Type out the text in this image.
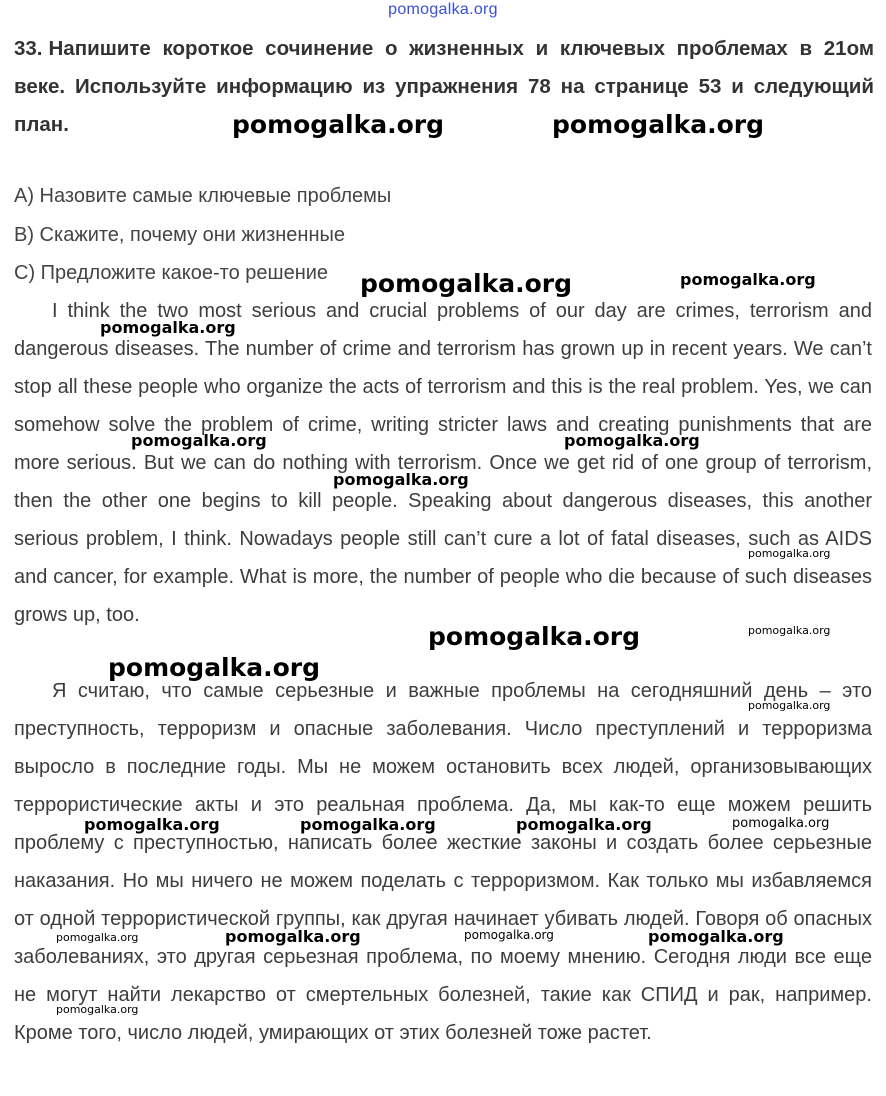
pomogalka.org
33. Напишите короткое сочинение о жизненных и ключевых проблемах в 21ом веке. Используйте информацию из упражнения 78 на странице 53 и следующий план.
A) Назовите самые ключевые проблемы
B) Скажите, почему они жизненные
C) Предложите какое-то решение
I think the two most serious and crucial problems of our day are crimes, terrorism and dangerous diseases. The number of crime and terrorism has grown up in recent years. We can’t stop all these people who organize the acts of terrorism and this is the real problem. Yes, we can somehow solve the problem of crime, writing stricter laws and creating punishments that are more serious. But we can do nothing with terrorism. Once we get rid of one group of terrorism, then the other one begins to kill people. Speaking about dangerous diseases, this another serious problem, I think. Nowadays people still can’t cure a lot of fatal diseases, such as AIDS and cancer, for example. What is more, the number of people who die because of such diseases grows up, too.
Я считаю, что самые серьезные и важные проблемы на сегодняшний день – это преступность, терроризм и опасные заболевания. Число преступлений и терроризма выросло в последние годы. Мы не можем остановить всех людей, организовывающих террористические акты и это реальная проблема. Да, мы как-то еще можем решить проблему с преступностью, написать более жесткие законы и создать более серьезные наказания. Но мы ничего не можем поделать с терроризмом. Как только мы избавляемся от одной террористической группы, как другая начинает убивать людей. Говоря об опасных заболеваниях, это другая серьезная проблема, по моему мнению. Сегодня люди все еще не могут найти лекарство от смертельных болезней, такие как СПИД и рак, например. Кроме того, число людей, умирающих от этих болезней тоже растет.
pomogalka.org	pomogalka.org
pomogalka.org	pomogalka.org
pomogalka.org
pomogalka.org	pomogalka.org
pomogalka.org
pomogalka.org
pomogalka.org
pomogalka.org
pomogalka.org
pomogalka.org
pomogalka.org	pomogalka.org	pomogalka.org	pomogalka.org
pomogalka.org	pomogalka.org	pomogalka.org	pomogalka.org
pomogalka.org
